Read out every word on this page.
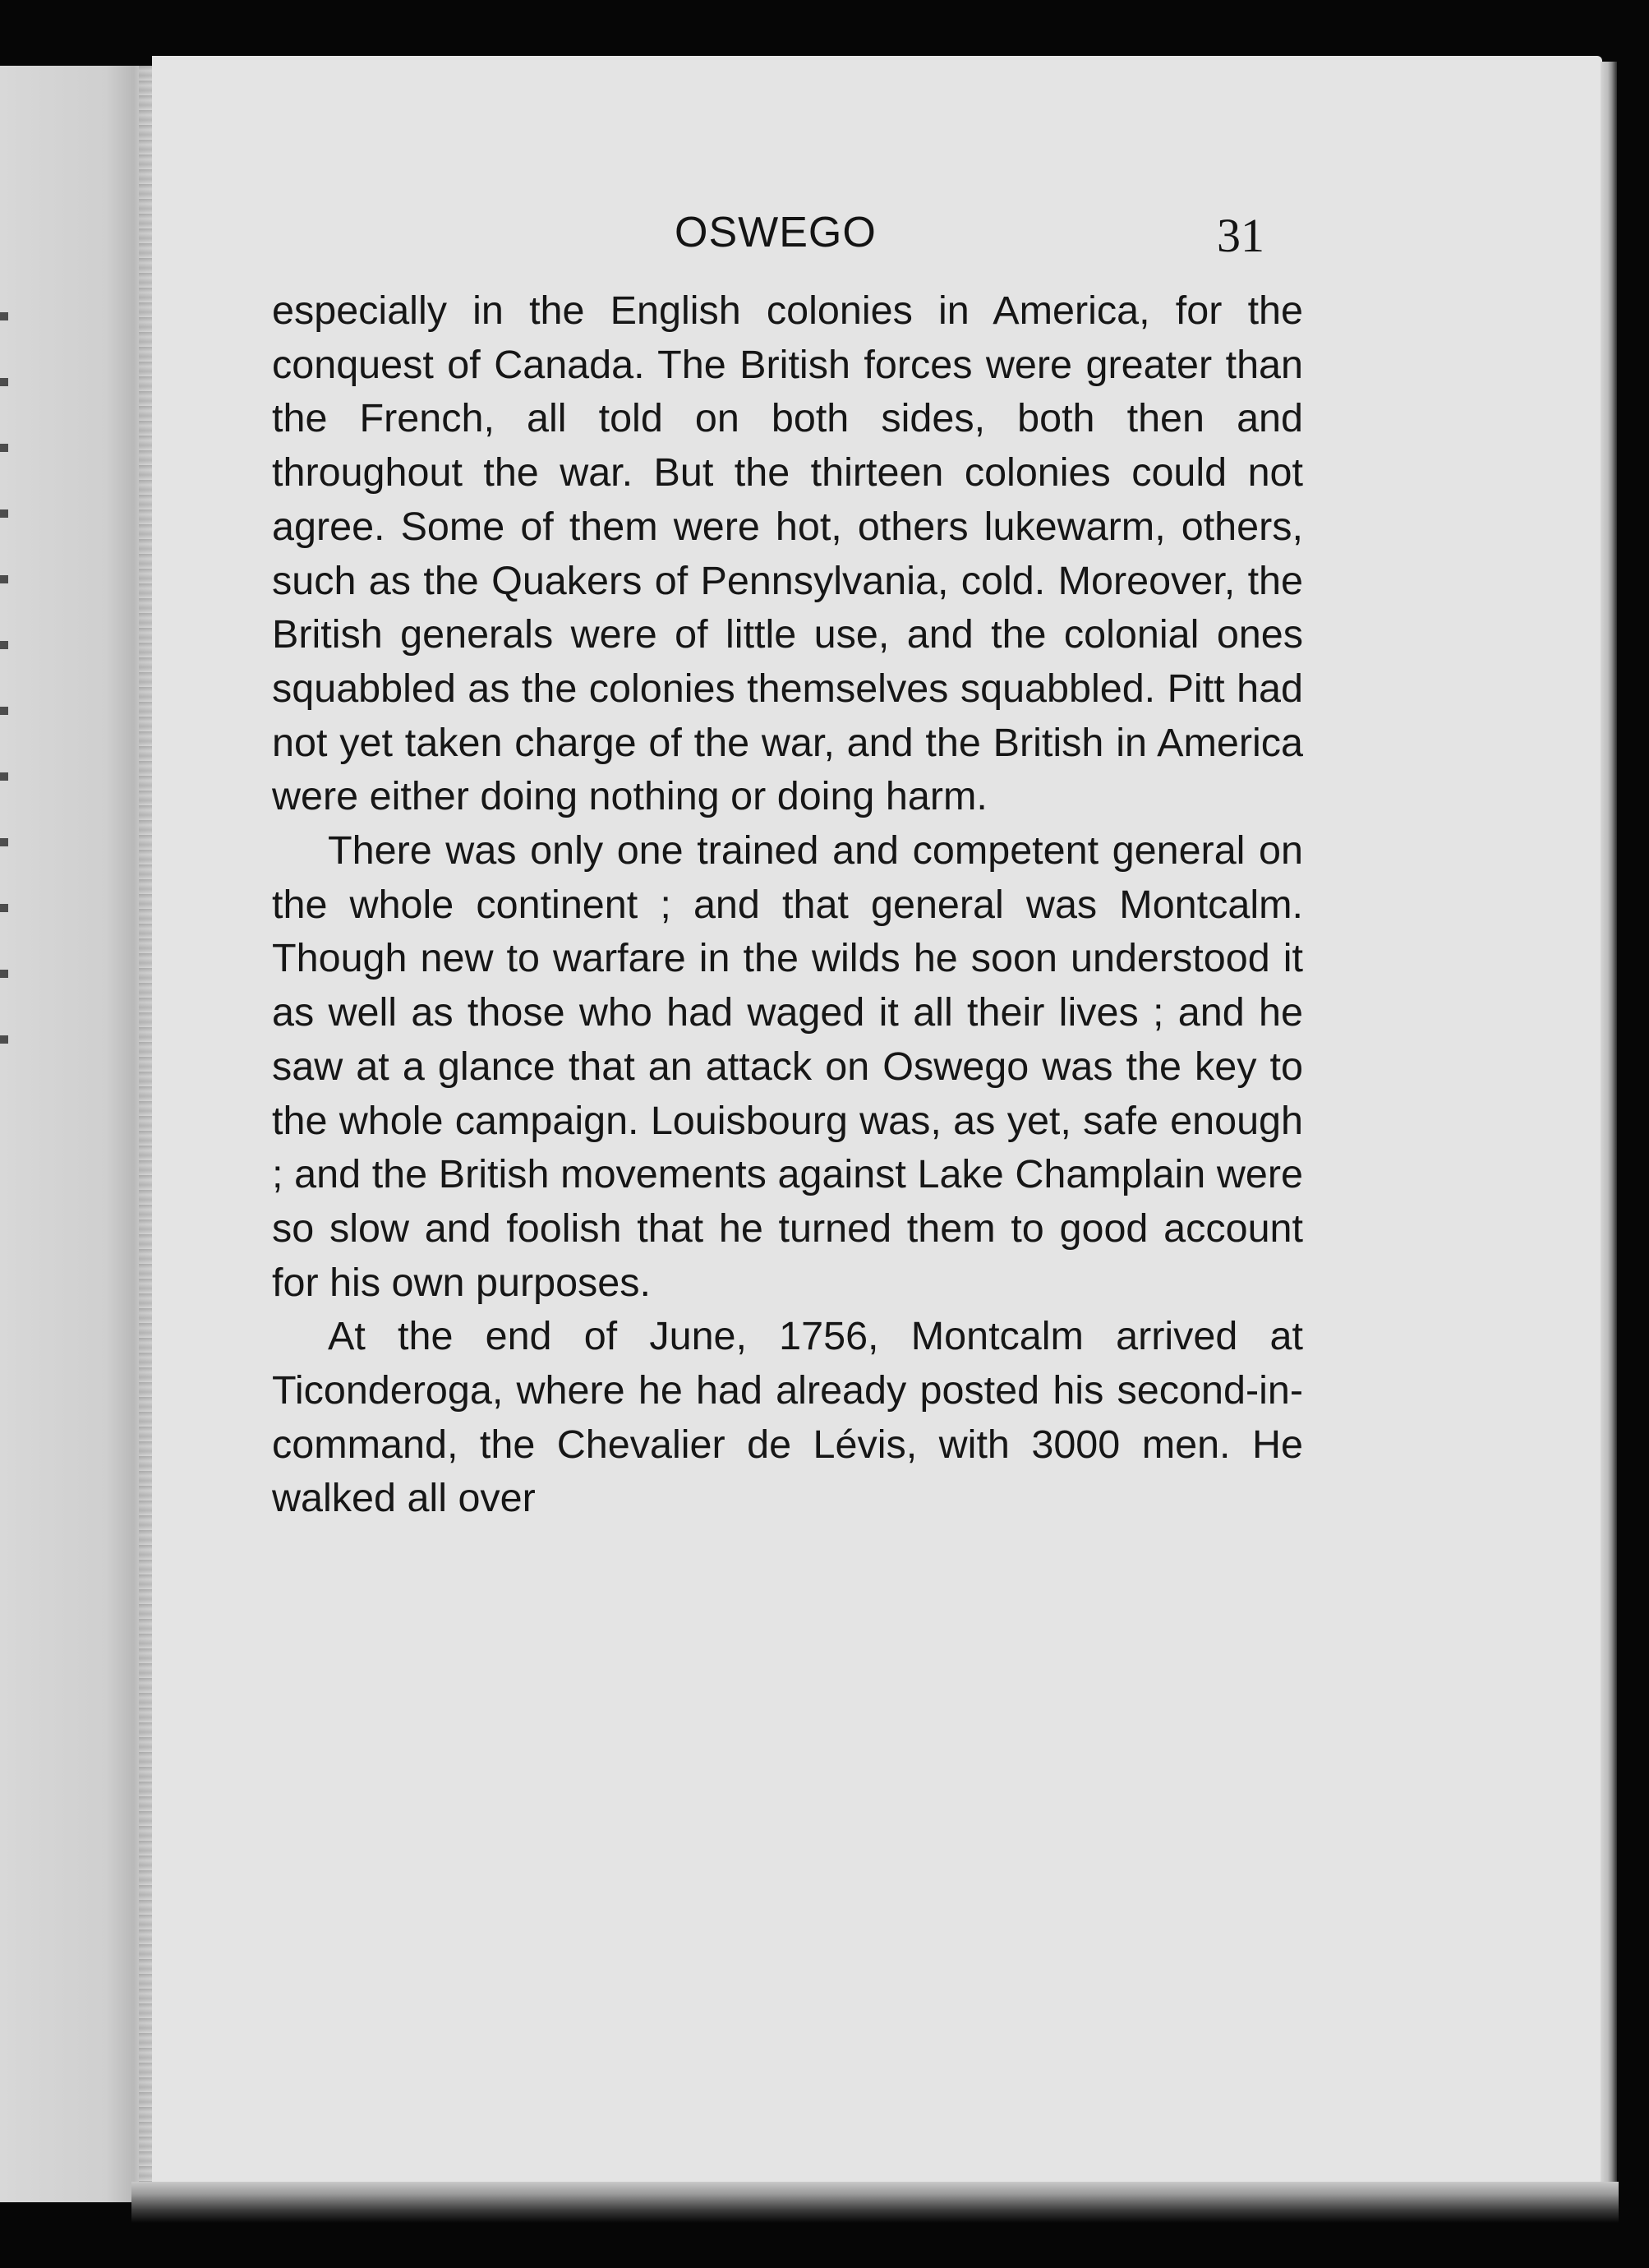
OSWEGO	31

especially in the English colonies in America, for the conquest of Canada. The British forces were greater than the French, all told on both sides, both then and throughout the war. But the thirteen colonies could not agree. Some of them were hot, others lukewarm, others, such as the Quakers of Pennsylvania, cold. Moreover, the British generals were of little use, and the colonial ones squabbled as the colonies themselves squabbled. Pitt had not yet taken charge of the war, and the British in America were either doing nothing or doing harm.

There was only one trained and competent general on the whole continent ; and that general was Montcalm. Though new to warfare in the wilds he soon understood it as well as those who had waged it all their lives ; and he saw at a glance that an attack on Oswego was the key to the whole campaign. Louisbourg was, as yet, safe enough ; and the British movements against Lake Champlain were so slow and foolish that he turned them to good account for his own purposes.

At the end of June, 1756, Montcalm arrived at Ticonderoga, where he had already posted his second-in-command, the Chevalier de Lévis, with 3000 men. He walked all over
